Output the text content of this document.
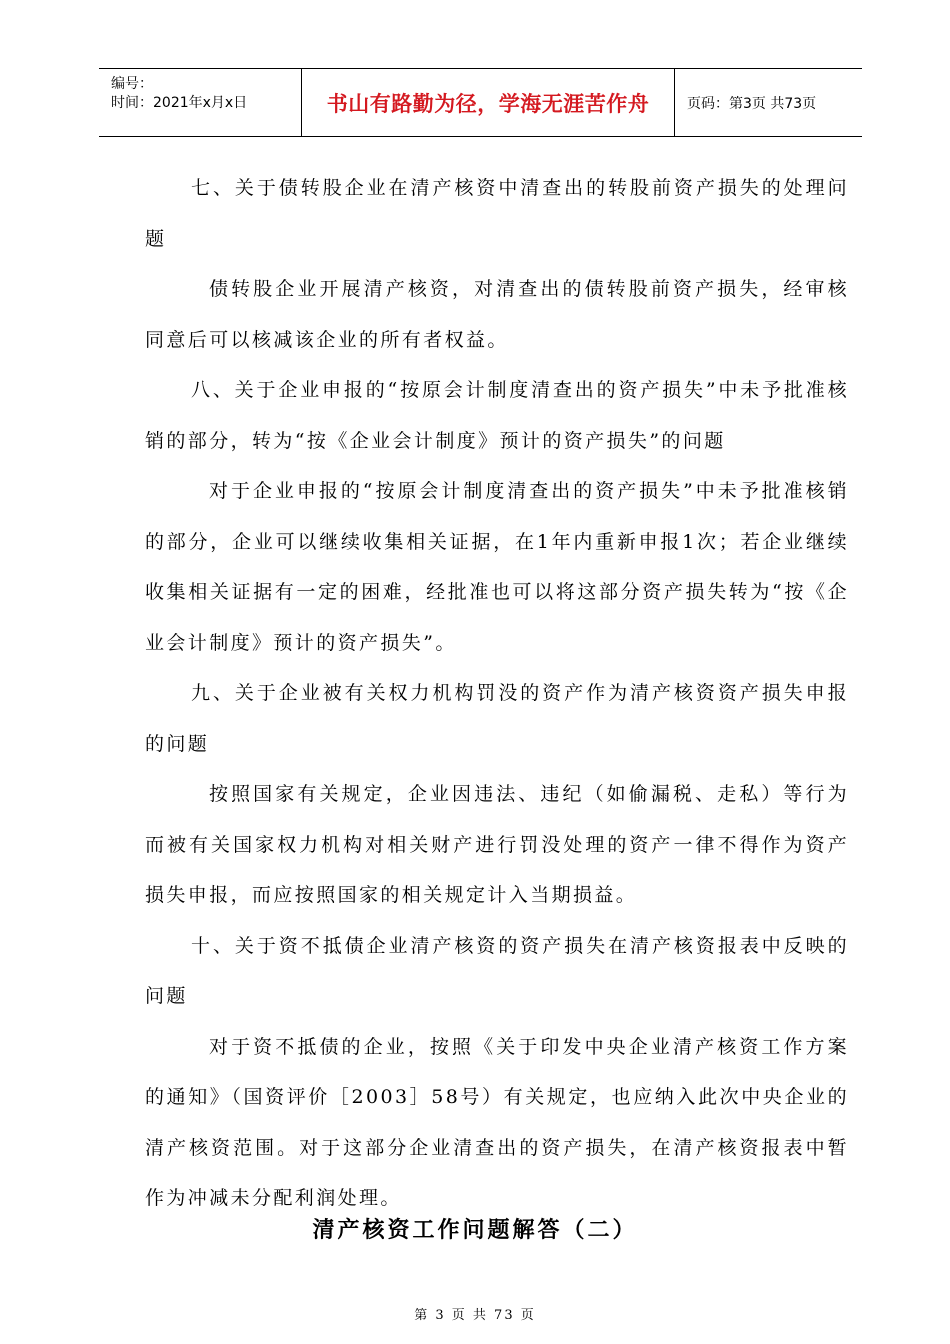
编号：
时间：2021年x月x日	书山有路勤为径，学海无涯苦作舟	页码：第3页 共73页

七、关于债转股企业在清产核资中清查出的转股前资产损失的处理问题

债转股企业开展清产核资，对清查出的债转股前资产损失，经审核同意后可以核减该企业的所有者权益。

八、关于企业申报的“按原会计制度清查出的资产损失”中未予批准核销的部分，转为“按《企业会计制度》预计的资产损失”的问题

对于企业申报的“按原会计制度清查出的资产损失”中未予批准核销的部分，企业可以继续收集相关证据，在1年内重新申报1次；若企业继续收集相关证据有一定的困难，经批准也可以将这部分资产损失转为“按《企业会计制度》预计的资产损失”。

九、关于企业被有关权力机构罚没的资产作为清产核资资产损失申报的问题

按照国家有关规定，企业因违法、违纪（如偷漏税、走私）等行为而被有关国家权力机构对相关财产进行罚没处理的资产一律不得作为资产损失申报，而应按照国家的相关规定计入当期损益。

十、关于资不抵债企业清产核资的资产损失在清产核资报表中反映的问题

对于资不抵债的企业，按照《关于印发中央企业清产核资工作方案的通知》（国资评价［2003］58号）有关规定，也应纳入此次中央企业的清产核资范围。对于这部分企业清查出的资产损失，在清产核资报表中暂作为冲减未分配利润处理。

清产核资工作问题解答（二）
第 3 页 共 73 页
